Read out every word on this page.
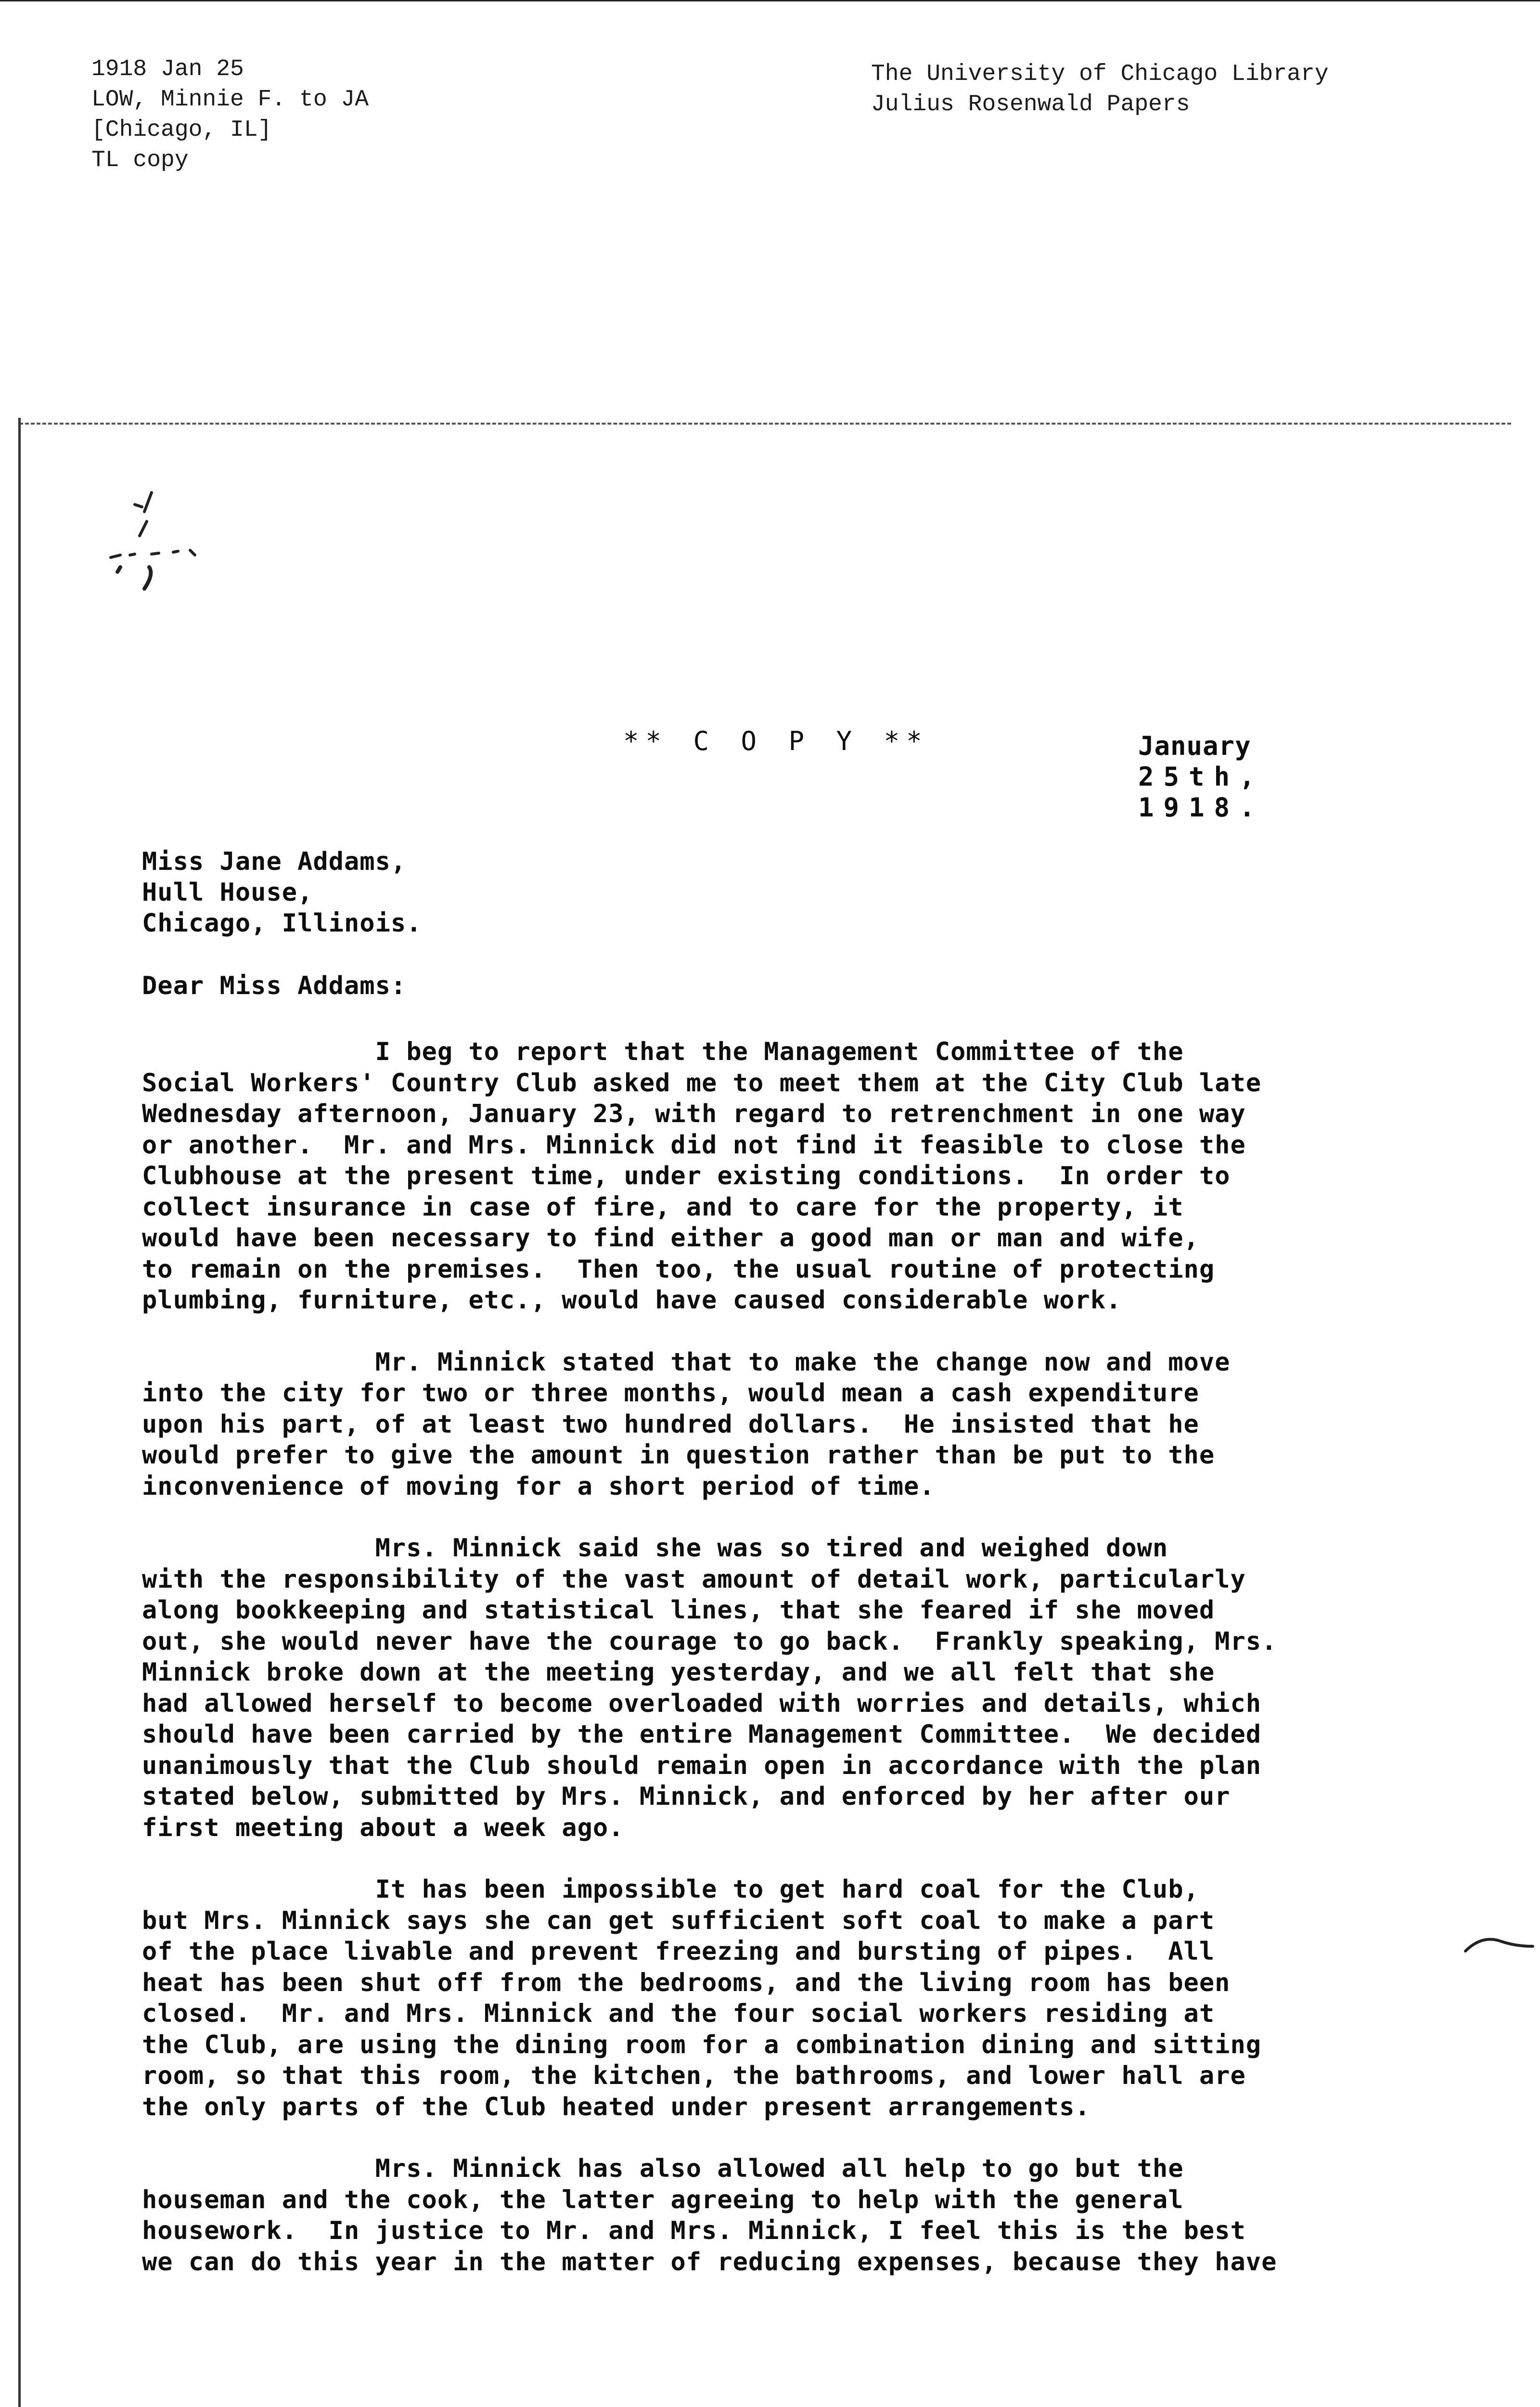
1918 Jan 25
LOW, Minnie F. to JA
[Chicago, IL]
TL copy
The University of Chicago Library
Julius Rosenwald Papers
** C O P Y **	January
25th,
1918.
Miss Jane Addams,
Hull House,
Chicago, Illinois.
Dear Miss Addams:
I beg to report that the Management Committee of the
Social Workers' Country Club asked me to meet them at the City Club late
Wednesday afternoon, January 23, with regard to retrenchment in one way
or another.  Mr. and Mrs. Minnick did not find it feasible to close the
Clubhouse at the present time, under existing conditions.  In order to
collect insurance in case of fire, and to care for the property, it
would have been necessary to find either a good man or man and wife,
to remain on the premises.  Then too, the usual routine of protecting
plumbing, furniture, etc., would have caused considerable work.
Mr. Minnick stated that to make the change now and move
into the city for two or three months, would mean a cash expenditure
upon his part, of at least two hundred dollars.  He insisted that he
would prefer to give the amount in question rather than be put to the
inconvenience of moving for a short period of time.
Mrs. Minnick said she was so tired and weighed down
with the responsibility of the vast amount of detail work, particularly
along bookkeeping and statistical lines, that she feared if she moved
out, she would never have the courage to go back.  Frankly speaking, Mrs.
Minnick broke down at the meeting yesterday, and we all felt that she
had allowed herself to become overloaded with worries and details, which
should have been carried by the entire Management Committee.  We decided
unanimously that the Club should remain open in accordance with the plan
stated below, submitted by Mrs. Minnick, and enforced by her after our
first meeting about a week ago.
It has been impossible to get hard coal for the Club,
but Mrs. Minnick says she can get sufficient soft coal to make a part
of the place livable and prevent freezing and bursting of pipes.  All
heat has been shut off from the bedrooms, and the living room has been
closed.  Mr. and Mrs. Minnick and the four social workers residing at
the Club, are using the dining room for a combination dining and sitting
room, so that this room, the kitchen, the bathrooms, and lower hall are
the only parts of the Club heated under present arrangements.
Mrs. Minnick has also allowed all help to go but the
houseman and the cook, the latter agreeing to help with the general
housework.  In justice to Mr. and Mrs. Minnick, I feel this is the best
we can do this year in the matter of reducing expenses, because they have
